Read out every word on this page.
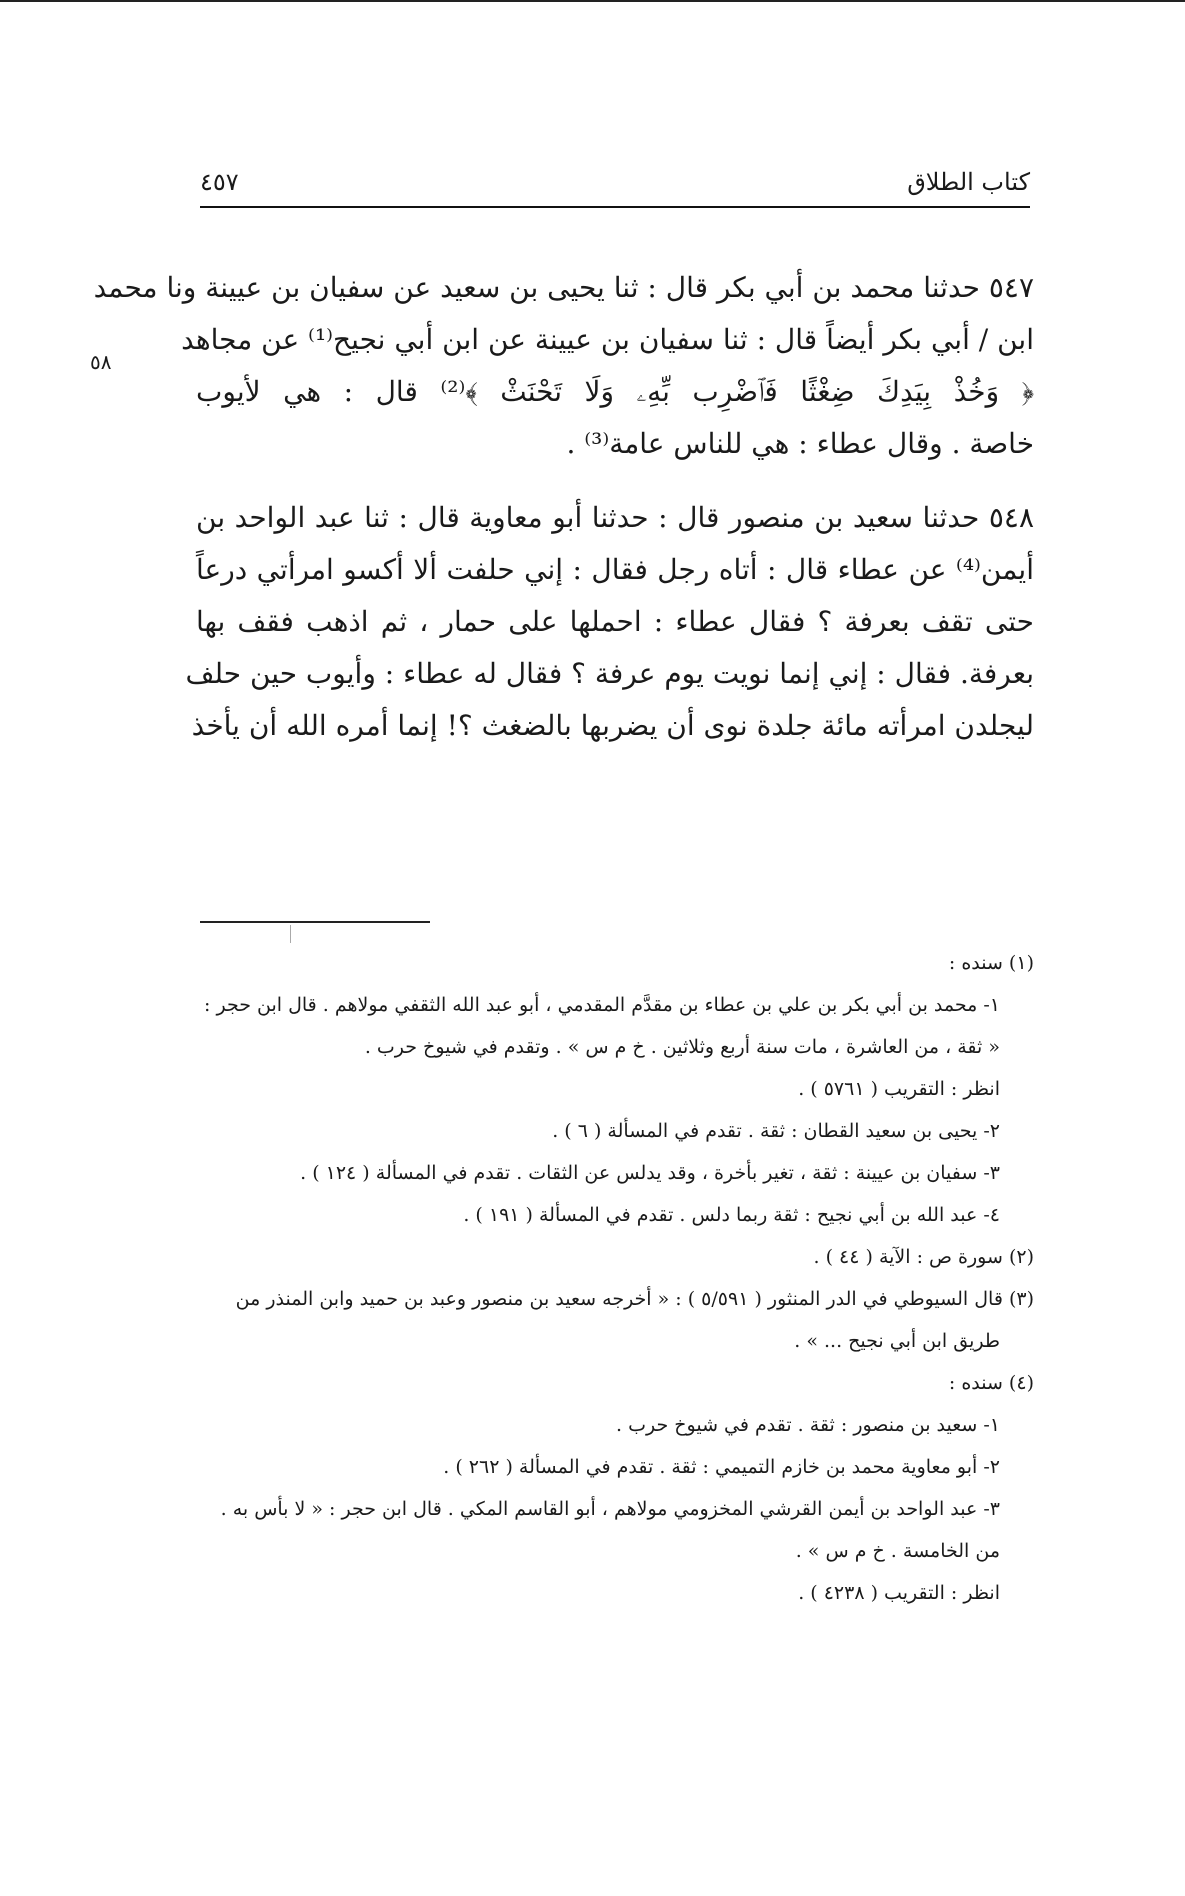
كتاب الطلاق
٤٥٧
٥٨
٥٤٧ حدثنا محمد بن أبي بكر قال : ثنا يحيى بن سعيد عن سفيان بن عيينة ونا محمد
ابن / أبي بكر أيضاً قال : ثنا سفيان بن عيينة عن ابن أبي نجيح⁽¹⁾ عن مجاهد
﴿ وَخُذْ بِيَدِكَ ضِغْثًا فَٱضْرِب بِّهِۦ وَلَا تَحْنَثْ ﴾⁽²⁾ قال : هي لأيوب
خاصة . وقال عطاء : هي للناس عامة⁽³⁾ .
٥٤٨ حدثنا سعيد بن منصور قال : حدثنا أبو معاوية قال : ثنا عبد الواحد بن
أيمن⁽⁴⁾ عن عطاء قال : أتاه رجل فقال : إني حلفت ألا أكسو امرأتي درعاً
حتى تقف بعرفة ؟ فقال عطاء : احملها على حمار ، ثم اذهب فقف بها
بعرفة. فقال : إني إنما نويت يوم عرفة ؟ فقال له عطاء : وأيوب حين حلف
ليجلدن امرأته مائة جلدة نوى أن يضربها بالضغث ؟! إنما أمره الله أن يأخذ
(١) سنده :
١- محمد بن أبي بكر بن علي بن عطاء بن مقدَّم المقدمي ، أبو عبد الله الثقفي مولاهم . قال ابن حجر :
« ثقة ، من العاشرة ، مات سنة أربع وثلاثين . خ م س » . وتقدم في شيوخ حرب .
انظر : التقريب ( ٥٧٦١ ) .
٢- يحيى بن سعيد القطان : ثقة . تقدم في المسألة ( ٦ ) .
٣- سفيان بن عيينة : ثقة ، تغير بأخرة ، وقد يدلس عن الثقات . تقدم في المسألة ( ١٢٤ ) .
٤- عبد الله بن أبي نجيح : ثقة ربما دلس . تقدم في المسألة ( ١٩١ ) .
(٢) سورة ص : الآية ( ٤٤ ) .
(٣) قال السيوطي في الدر المنثور ( ٥/٥٩١ ) : « أخرجه سعيد بن منصور وعبد بن حميد وابن المنذر من
طريق ابن أبي نجيح ... » .
(٤) سنده :
١- سعيد بن منصور : ثقة . تقدم في شيوخ حرب .
٢- أبو معاوية محمد بن خازم التميمي : ثقة . تقدم في المسألة ( ٢٦٢ ) .
٣- عبد الواحد بن أيمن القرشي المخزومي مولاهم ، أبو القاسم المكي . قال ابن حجر : « لا بأس به .
من الخامسة . خ م س » .
انظر : التقريب ( ٤٢٣٨ ) .
